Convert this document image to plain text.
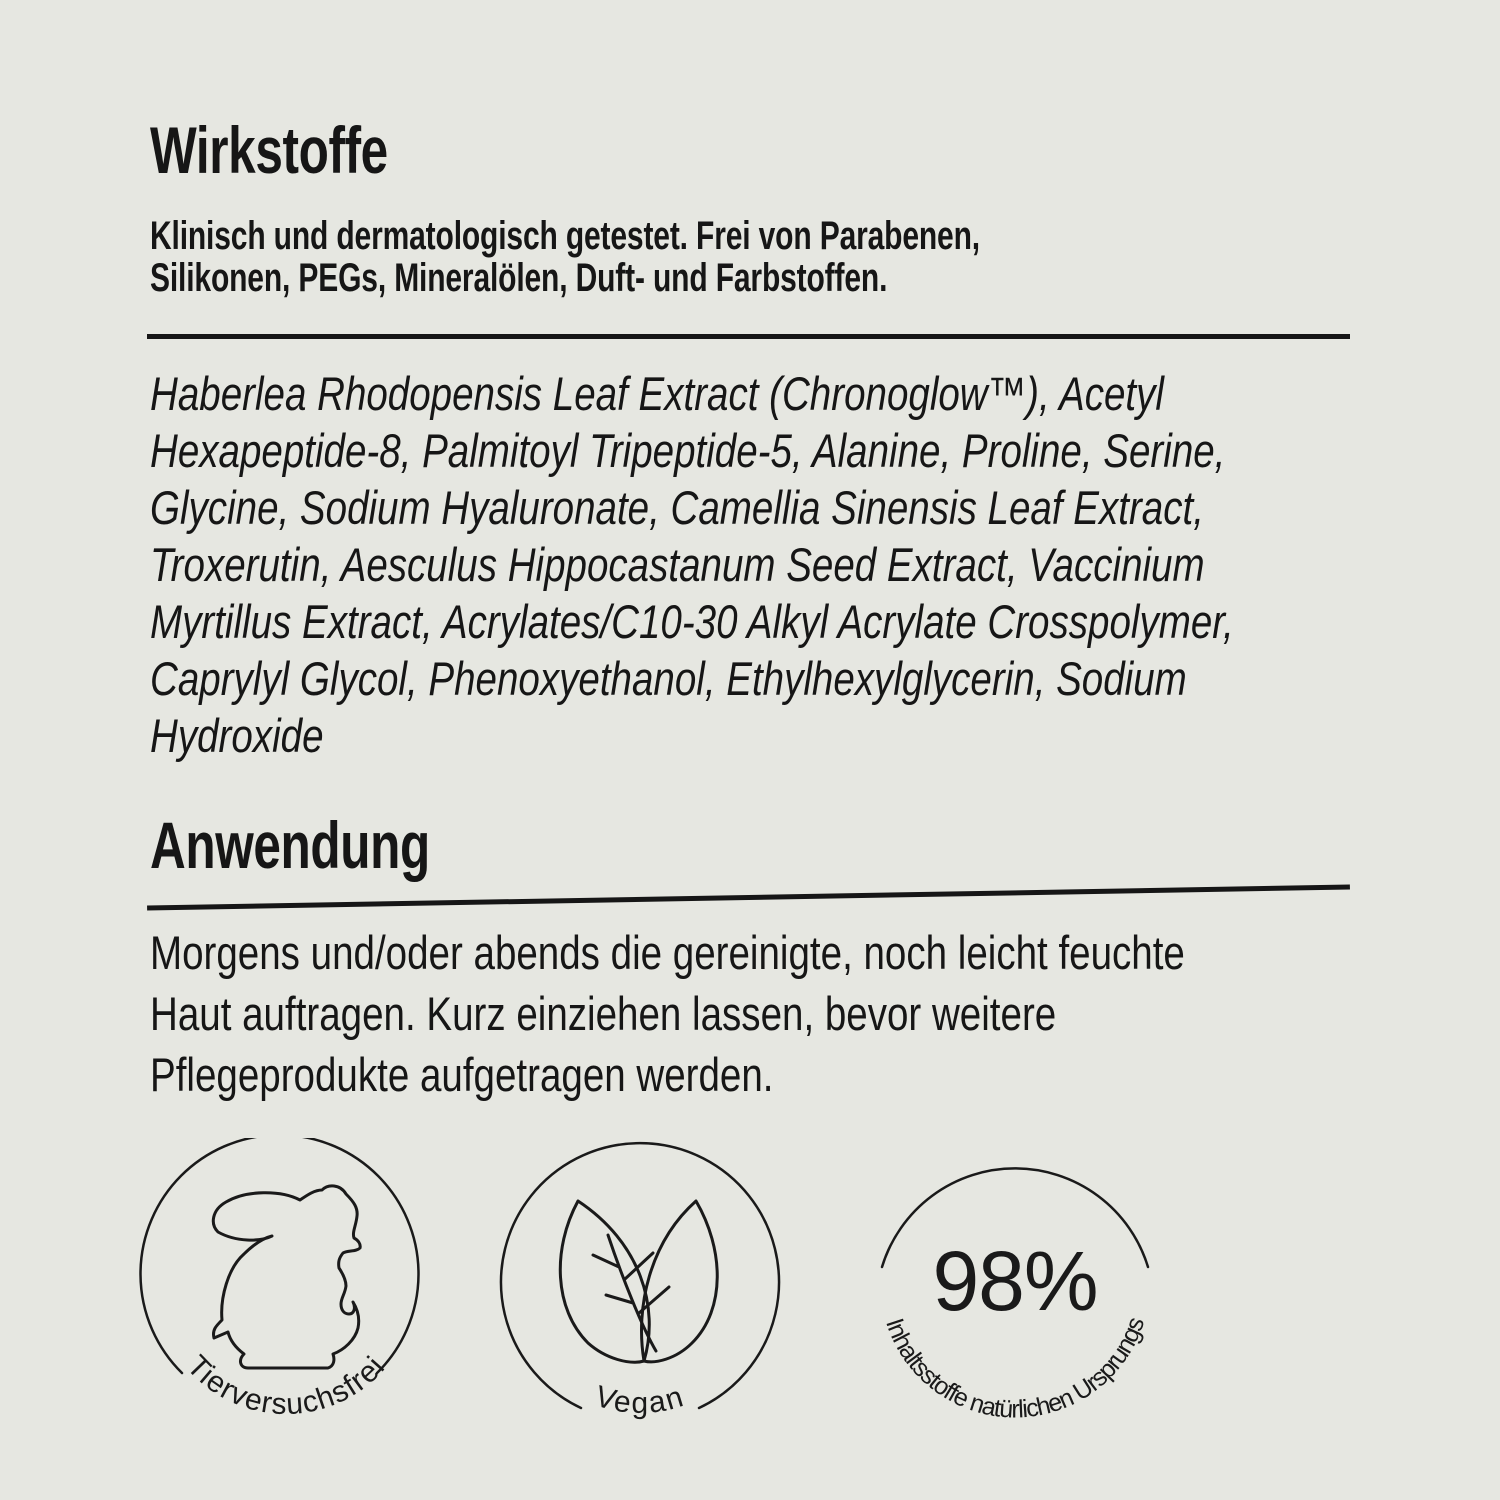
Wirkstoffe
Klinisch und dermatologisch getestet. Frei von Parabenen,
Silikonen, PEGs, Mineralölen, Duft- und Farbstoffen.
Haberlea Rhodopensis Leaf Extract (Chronoglow™), Acetyl
Hexapeptide-8, Palmitoyl Tripeptide-5, Alanine, Proline, Serine,
Glycine, Sodium Hyaluronate, Camellia Sinensis Leaf Extract,
Troxerutin, Aesculus Hippocastanum Seed Extract, Vaccinium
Myrtillus Extract, Acrylates/C10-30 Alkyl Acrylate Crosspolymer,
Caprylyl Glycol, Phenoxyethanol, Ethylhexylglycerin, Sodium
Hydroxide
Anwendung
Morgens und/oder abends die gereinigte, noch leicht feuchte
Haut auftragen. Kurz einziehen lassen, bevor weitere
Pflegeprodukte aufgetragen werden.
Tierversuchsfrei
Vegan
98%
Inhaltsstoffe natürlichen Ursprungs
